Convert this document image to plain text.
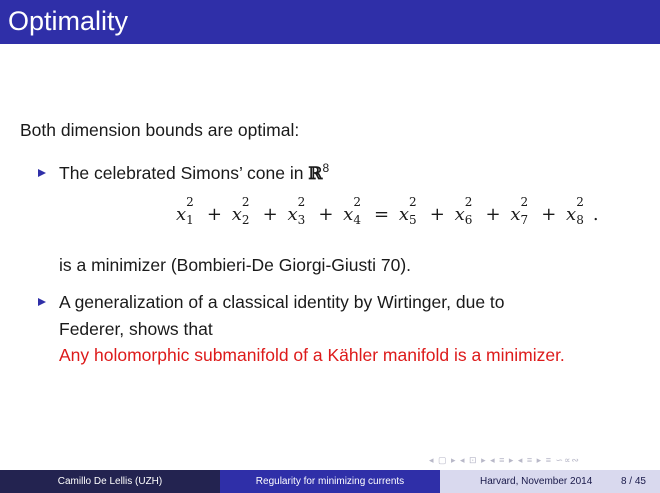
Optimality
Both dimension bounds are optimal:
The celebrated Simons’ cone in ℝ$^8$
x
2
1 + x
2
2 + x
2
3 + x
2
4 = x
2
5 + x
2
6 + x
2
7 + x
2
8 .
is a minimizer (Bombieri-De Giorgi-Giusti 70).
A generalization of a classical identity by Wirtinger, due to
Federer, shows that
Any holomorphic submanifold of a Kähler manifold is a minimizer.
◂ ▢ ▸ ◂ ⊡ ▸ ◂ ≡ ▸ ◂ ≡ ▸ ≡ ∽∝∾
Camillo De Lellis (UZH)	Regularity for minimizing currents	Harvard, November 2014	8 / 45
